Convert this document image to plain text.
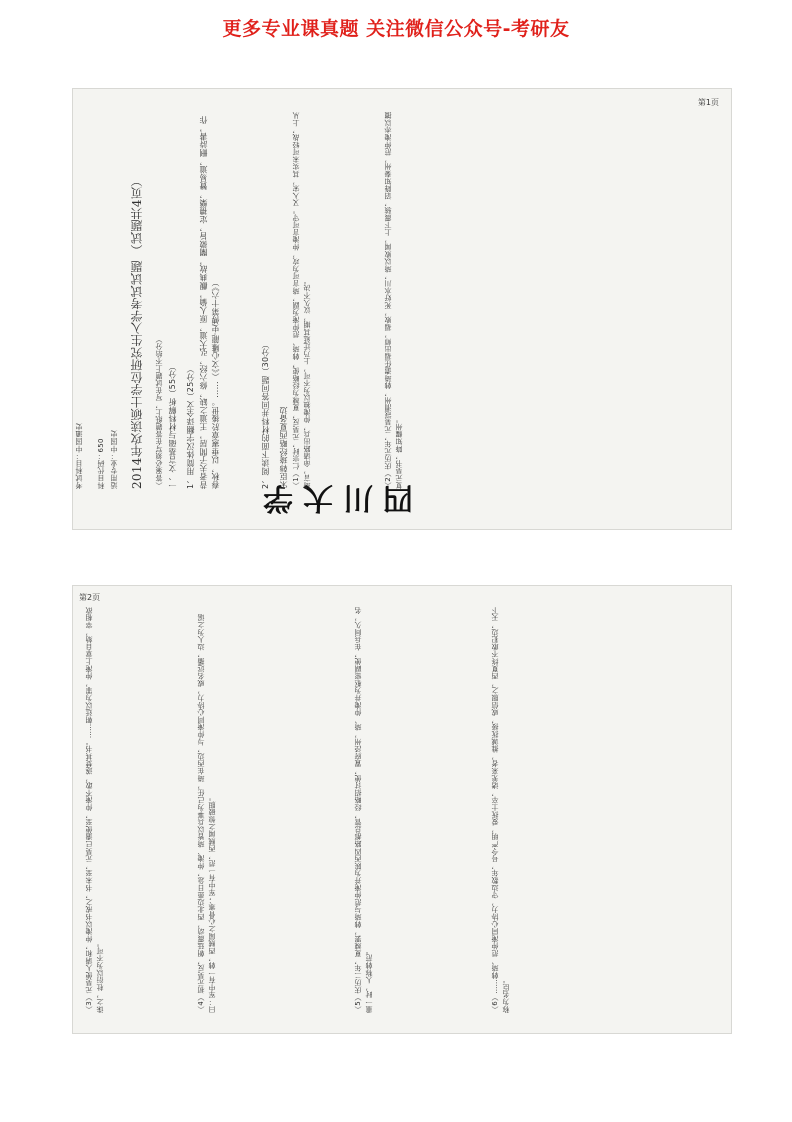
更多专业课真题 关注微信公众号-考研友
第1页
四川大学
考试科目：中国通史 科目代码：650 适用专业：中国史 2014年攻读硕士学位研究生入学考试试题 （试题共4页）
（答案必须写在答题纸上，写在试题上不给分） 一、文言基础与材料解析（55分） 1、用简体汉字翻译全文（25分） 昔者夫子閒居，王道之缺，修六经，弘大道，原人倫，觀典故，闡微旨，定禮樂，贊易道，刪詩書，作春秋，以垂憲章於後世。……（《文心雕龍·史傳第十六》）	2、阅读下面的材料并回答问题（30分） 宋臣韩琦经略西夏备边 （1）仁宗时，元昊反，夏竦为经略使，韩琦、范仲淹为副，琦言可为攻，仲淹言可守。又入宋，其实未可轻战，上从琦言，命诸路出兵，仲淹独以为不可，上乃迁延其期，议久不决。	（2）庆历元年，元昊寇渭州，韩琦遣任福出师，福败，死好水川，琦以败闻，上下震骇，诏降知秦州，范仲淹亦以擅复元昊书，降知耀州。
第2页
（3）元昊使人请和，仲淹以书戒之，书未至，元昊已遣使至，仲淹不敢，遂焚其书。……朝廷以为罪，仲淹上章自劾，宰相欲诛之，杜衍以为不可。	（4）初元昊反，朝廷震动，西北边患日急，仲淹、琦皆以兵事为己任，琦在西边，与仲淹同心协力，威名远播，边人为之谣曰：军中有一韩，西贼闻之心骨寒；军中有一范，西贼闻之惊破胆。	（5）庆历二年，夏竦罢，韩琦与范仲淹并为陕西四路都总管，经略招讨使，置府泾州，琦、仲淹并为枢密副使，在兵间久，名重一时，人称韩范。	（6）……韩琦、范仲淹同心协力，守边数年，号令严明，爱抚士卒，诸羌来者，推诚抚接，咸信服之，西夏终不敢犯边，天下称为名臣。
